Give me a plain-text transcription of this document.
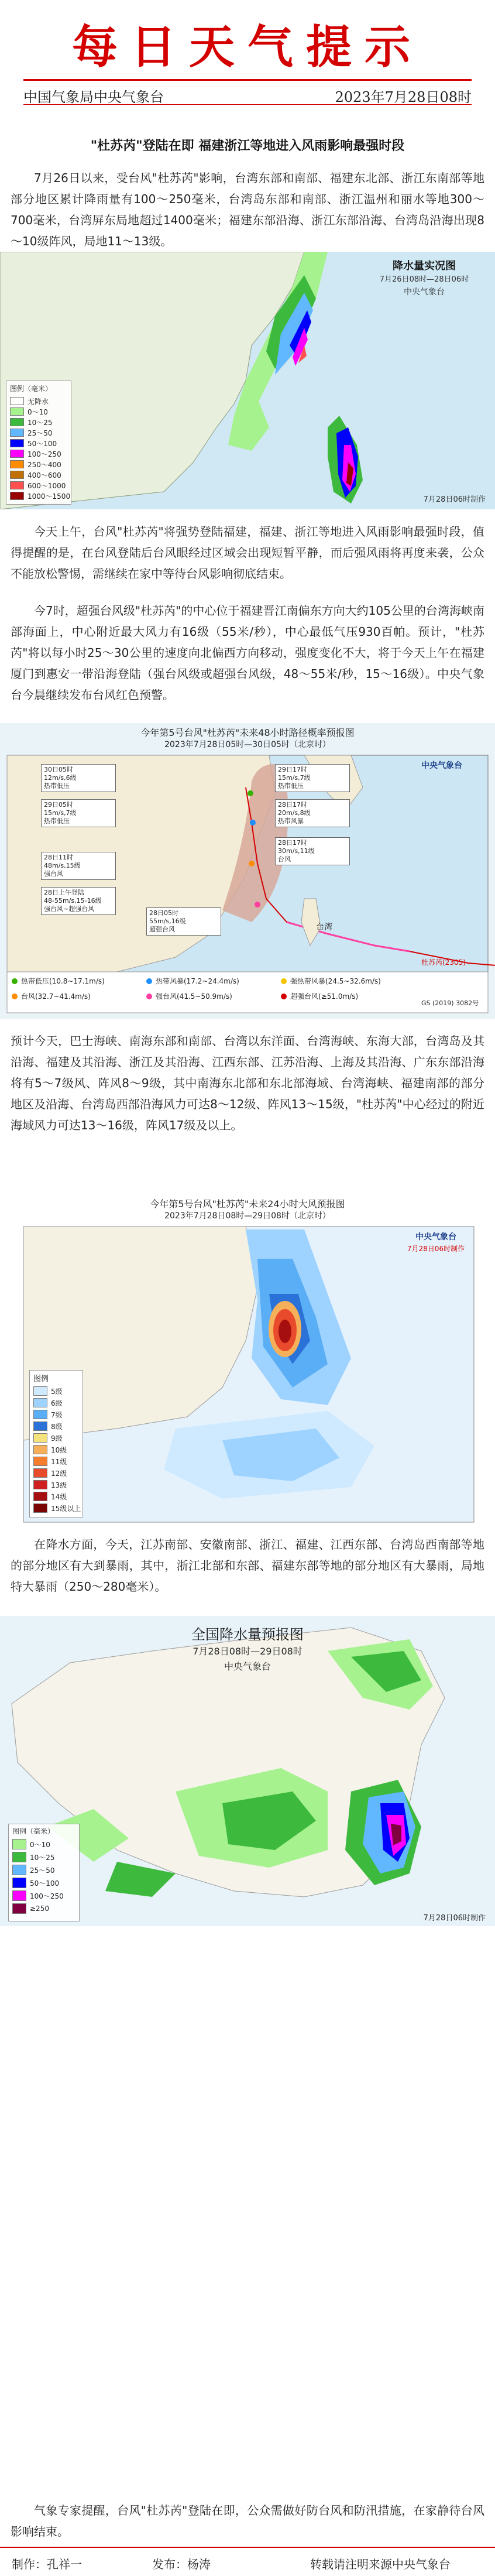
每日天气提示
中国气象局中央气象台	2023年7月28日08时
"杜苏芮"登陆在即 福建浙江等地进入风雨影响最强时段

7月26日以来，受台风"杜苏芮"影响，台湾东部和南部、福建东北部、浙江东南部等地部分地区累计降雨量有100～250毫米，台湾岛东部和南部、浙江温州和丽水等地300～700毫米，台湾屏东局地超过1400毫米；福建东部沿海、浙江东部沿海、台湾岛沿海出现8～10级阵风，局地11～13级。

降水量实况图
7月26日08时—28日06时
中央气象台
图例（毫米）
无降水
0～10
10～25
25～50
50～100
100～250
250～400
400～600
600～1000
1000～1500	7月28日06时制作

今天上午，台风"杜苏芮"将强势登陆福建，福建、浙江等地进入风雨影响最强时段，值得提醒的是，在台风登陆后台风眼经过区域会出现短暂平静，而后强风雨将再度来袭，公众不能放松警惕，需继续在家中等待台风影响彻底结束。

今7时，超强台风级"杜苏芮"的中心位于福建晋江南偏东方向大约105公里的台湾海峡南部海面上，中心附近最大风力有16级（55米/秒），中心最低气压930百帕。预计，"杜苏芮"将以每小时25～30公里的速度向北偏西方向移动，强度变化不大，将于今天上午在福建厦门到惠安一带沿海登陆（强台风级或超强台风级，48～55米/秒，15～16级）。中央气象台今晨继续发布台风红色预警。

今年第5号台风"杜苏芮"未来48小时路径概率预报图
2023年7月28日05时—30日05时（北京时）
中央气象台
30日05时
12m/s,6级
热带低压
29日17时
15m/s,7级
热带低压
29日05时
15m/s,7级
热带低压
28日17时
20m/s,8级
热带风暴
28日17时
30m/s,11级
台风
28日11时
48m/s,15级
强台风
28日上午登陆
48-55m/s,15-16级
强台风~超强台风
28日05时
55m/s,16级
超强台风	台湾
杜苏芮(2305)
热带低压(10.8~17.1m/s)	热带风暴(17.2~24.4m/s)	强热带风暴(24.5~32.6m/s)
台风(32.7~41.4m/s)	强台风(41.5~50.9m/s)	超强台风(≥51.0m/s)
GS (2019) 3082号

预计今天，巴士海峡、南海东部和南部、台湾以东洋面、台湾海峡、东海大部，台湾岛及其沿海、福建及其沿海、浙江及其沿海、江西东部、江苏沿海、上海及其沿海、广东东部沿海将有5～7级风、阵风8～9级，其中南海东北部和东北部海域、台湾海峡、福建南部的部分地区及沿海、台湾岛西部沿海风力可达8～12级、阵风13～15级，"杜苏芮"中心经过的附近海域风力可达13～16级，阵风17级及以上。

今年第5号台风"杜苏芮"未来24小时大风预报图
2023年7月28日08时—29日08时（北京时）
中央气象台
7月28日06时制作
图例
5级
6级
7级
8级
9级
10级
11级
12级
13级
14级
15级以上

在降水方面，今天，江苏南部、安徽南部、浙江、福建、江西东部、台湾岛西南部等地的部分地区有大到暴雨，其中，浙江北部和东部、福建东部等地的部分地区有大暴雨，局地特大暴雨（250～280毫米）。

全国降水量预报图
7月28日08时—29日08时
中央气象台
图例（毫米）
0～10
10～25
25～50
50～100
100～250
≥250
7月28日06时制作

气象专家提醒，台风"杜苏芮"登陆在即，公众需做好防台风和防汛措施，在家静待台风影响结束。

制作：孔祥一	发布：杨涛	转载请注明来源中央气象台
